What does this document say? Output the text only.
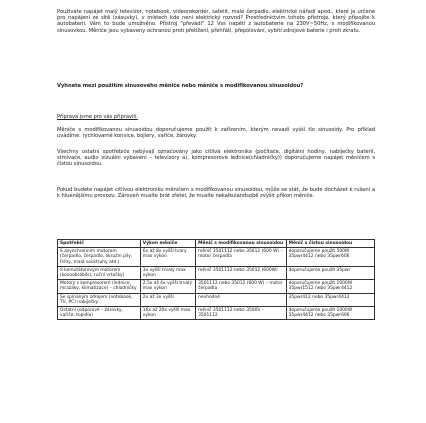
Používáte napájet malý televizor, notebook, videorekordér, satelit, malé čerpadlo, elektrické nářadí apod., které je určené pro napájení ze sítě (zásuvky), v místech kde není elektrický rozvod? Prostřednictvím tohoto přístroje, který připojíte k autobaterii. Vám to bude umožněno. Přístroj "převádí" 12 Vss napětí z autobaterie na 230V~50Hz, s modifikovanou sinusovkou. Měniče jsou vybaveny ochranou proti přetížení, přehřátí, přepólování, vybití zdrojové baterie i proti zkratu.

Vyhnete mezi použitím sinusového měniče nebo měniče s modifikovanou sinusoidou?

Příprava jsme pro vás připravili:

Měniče s modifikovanou sinusoidou doporučujeme použít k zařízením, kterým nevadí vyšší tlo sinusoidy. Pro příklad uvádíme: rychlovarné konvice, bojlery, vařiče, žárovky.

Všechny ostatní spotřebiče nebývají označovány jako citlivá elektronika (počítače, digitální hodiny, nabíječky baterií, stmívače, audio vizuální vybavení – televizory a), kompresorové lednice(chladničky)) doporučujeme napájet měničem s čistou sinusoidou.

Pokud budete napájet citlivou elektroniku měničem s modifikovanou sinusoidou, může se stát, že bude docházet k rušení a k hluenějšímu provozu. Zároveň musíte brát zřetel, že musíte nekalkulandsobě zvýšit příkon měniče.

Spotřebič	Výkon měniče	Měnič s modifikovanou sinusoidou	Měnič s čistou sinusoidou
S asynchronním motorem (čerpadlo, čerpadlo, okružní pily, frézy, malá soustruhy atd.)	6x až 8x vyšší tvary max výkon	měnič 3501112 nebo 35612 (600 W) – motor čerpadla	doporučujeme použít 500W 35pwr4412 nebo 35pwr606
S komutátorovým motorem (kovoobráběcí, ruční vrtačky)	3x vyšší trvalý max výkon	měnič 3501112 nebo 35012 (600W)	doporučujeme použít 35pwr
Motory s kompresorem (lednice, mrazáky, klimatizace) – chladničky	2,5x až 4x vyšší trvalý max výkon	3501112 nebo 35012 (600 W) – motor čerpadla	doporučujeme použít 1000W 35pwr1512 nebo 35pwr4412
Se spínaným zdrojem (notebook, TV, PC) nabíječky	2x až 3x vyšší	nevhodné	35pwr412 nebo 35pwr4412
Ostatní (odporové – žárovky, vařiče, topidla)	16x až 20x vyšší max výkon	měnič 3501112 nebo 3500V – 3501112	doporučujeme použít 1000W 35pwr4412 nebo 35pwr606
